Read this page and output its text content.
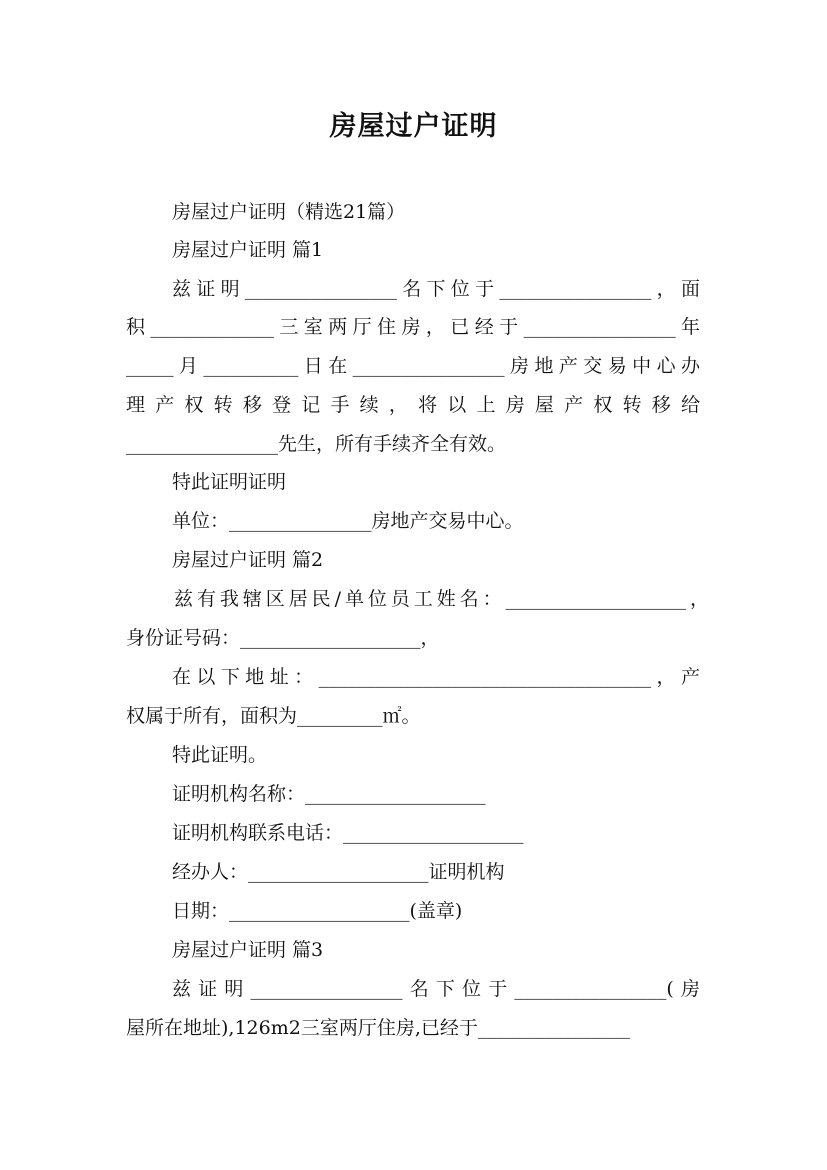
房屋过户证明
房屋过户证明（精选21篇）
房屋过户证明 篇1
兹证明________________名下位于________________，面
积_____________三室两厅住房，已经于________________年
_____月__________日在________________房地产交易中心办
理产权转移登记手续，将以上房屋产权转移给
________________先生，所有手续齐全有效。
特此证明证明
单位：_______________房地产交易中心。
房屋过户证明 篇2
兹有我辖区居民/单位员工姓名：___________________，
身份证号码：___________________，
在以下地址：___________________________________，产
权属于所有，面积为_________㎡。
特此证明。
证明机构名称：___________________
证明机构联系电话：___________________
经办人：___________________证明机构
日期：___________________(盖章)
房屋过户证明 篇3
兹证明________________名下位于________________(房
屋所在地址),126m2三室两厅住房,已经于________________
